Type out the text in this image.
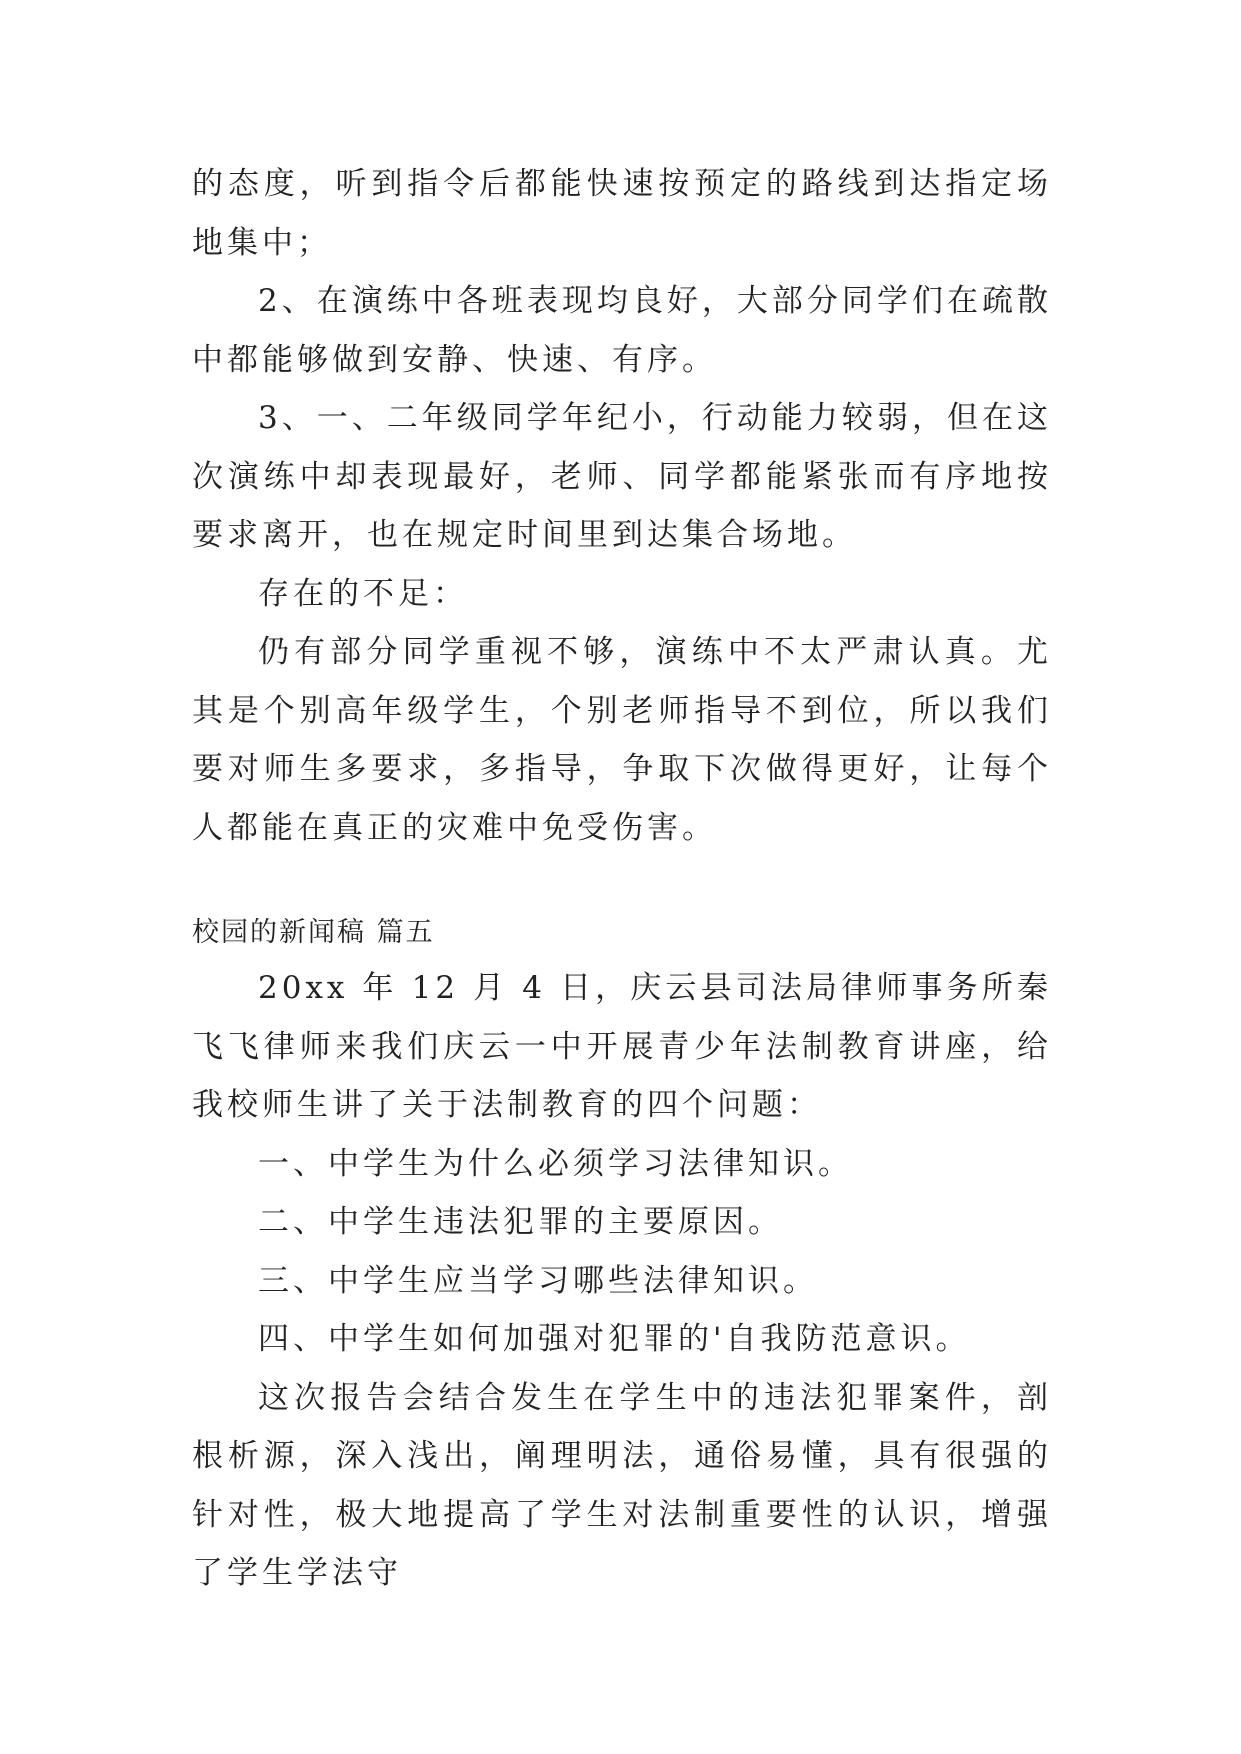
的态度，听到指令后都能快速按预定的路线到达指定场地集中；

2、在演练中各班表现均良好，大部分同学们在疏散中都能够做到安静、快速、有序。

3、一、二年级同学年纪小，行动能力较弱，但在这次演练中却表现最好，老师、同学都能紧张而有序地按要求离开，也在规定时间里到达集合场地。

存在的不足：

仍有部分同学重视不够，演练中不太严肃认真。尤其是个别高年级学生，个别老师指导不到位，所以我们要对师生多要求，多指导，争取下次做得更好，让每个人都能在真正的灾难中免受伤害。

校园的新闻稿 篇五

20xx 年 12 月 4 日，庆云县司法局律师事务所秦飞飞律师来我们庆云一中开展青少年法制教育讲座，给我校师生讲了关于法制教育的四个问题：

一、中学生为什么必须学习法律知识。

二、中学生违法犯罪的主要原因。

三、中学生应当学习哪些法律知识。

四、中学生如何加强对犯罪的'自我防范意识。

这次报告会结合发生在学生中的违法犯罪案件，剖根析源，深入浅出，阐理明法，通俗易懂，具有很强的针对性，极大地提高了学生对法制重要性的认识，增强了学生学法守
